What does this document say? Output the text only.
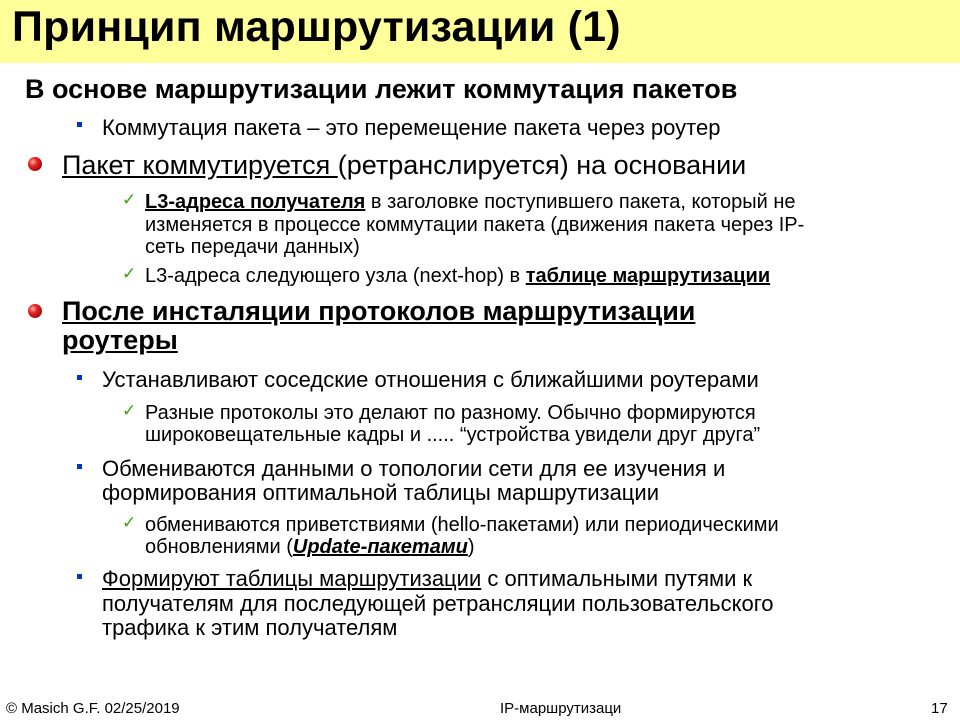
Принцип маршрутизации (1)
В основе маршрутизации лежит коммутация пакетов
Коммутация пакета – это перемещение пакета через роутер
Пакет коммутируется (ретранслируется) на основании
✓ L3-адреса получателя в заголовке поступившего пакета, который не
изменяется в процессе коммутации пакета (движения пакета через IP-
сеть передачи данных)
✓ L3-адреса следующего узла (next-hop) в таблице маршрутизации
После инсталяции протоколов маршрутизации
роутеры
Устанавливают соседские отношения с ближайшими роутерами
✓ Разные протоколы это делают по разному. Обычно формируются
широковещательные кадры и ..... “устройства увидели друг друга”
Обмениваются данными о топологии сети для ее изучения и
формирования оптимальной таблицы маршрутизации
✓ обмениваются приветствиями (hello-пакетами) или периодическими
обновлениями (Update-пакетами)
Формируют таблицы маршрутизации с оптимальными путями к
получателям для последующей ретрансляции пользовательского
трафика к этим получателям
© Masich G.F. 02/25/2019	IP-маршрутизаци	17
